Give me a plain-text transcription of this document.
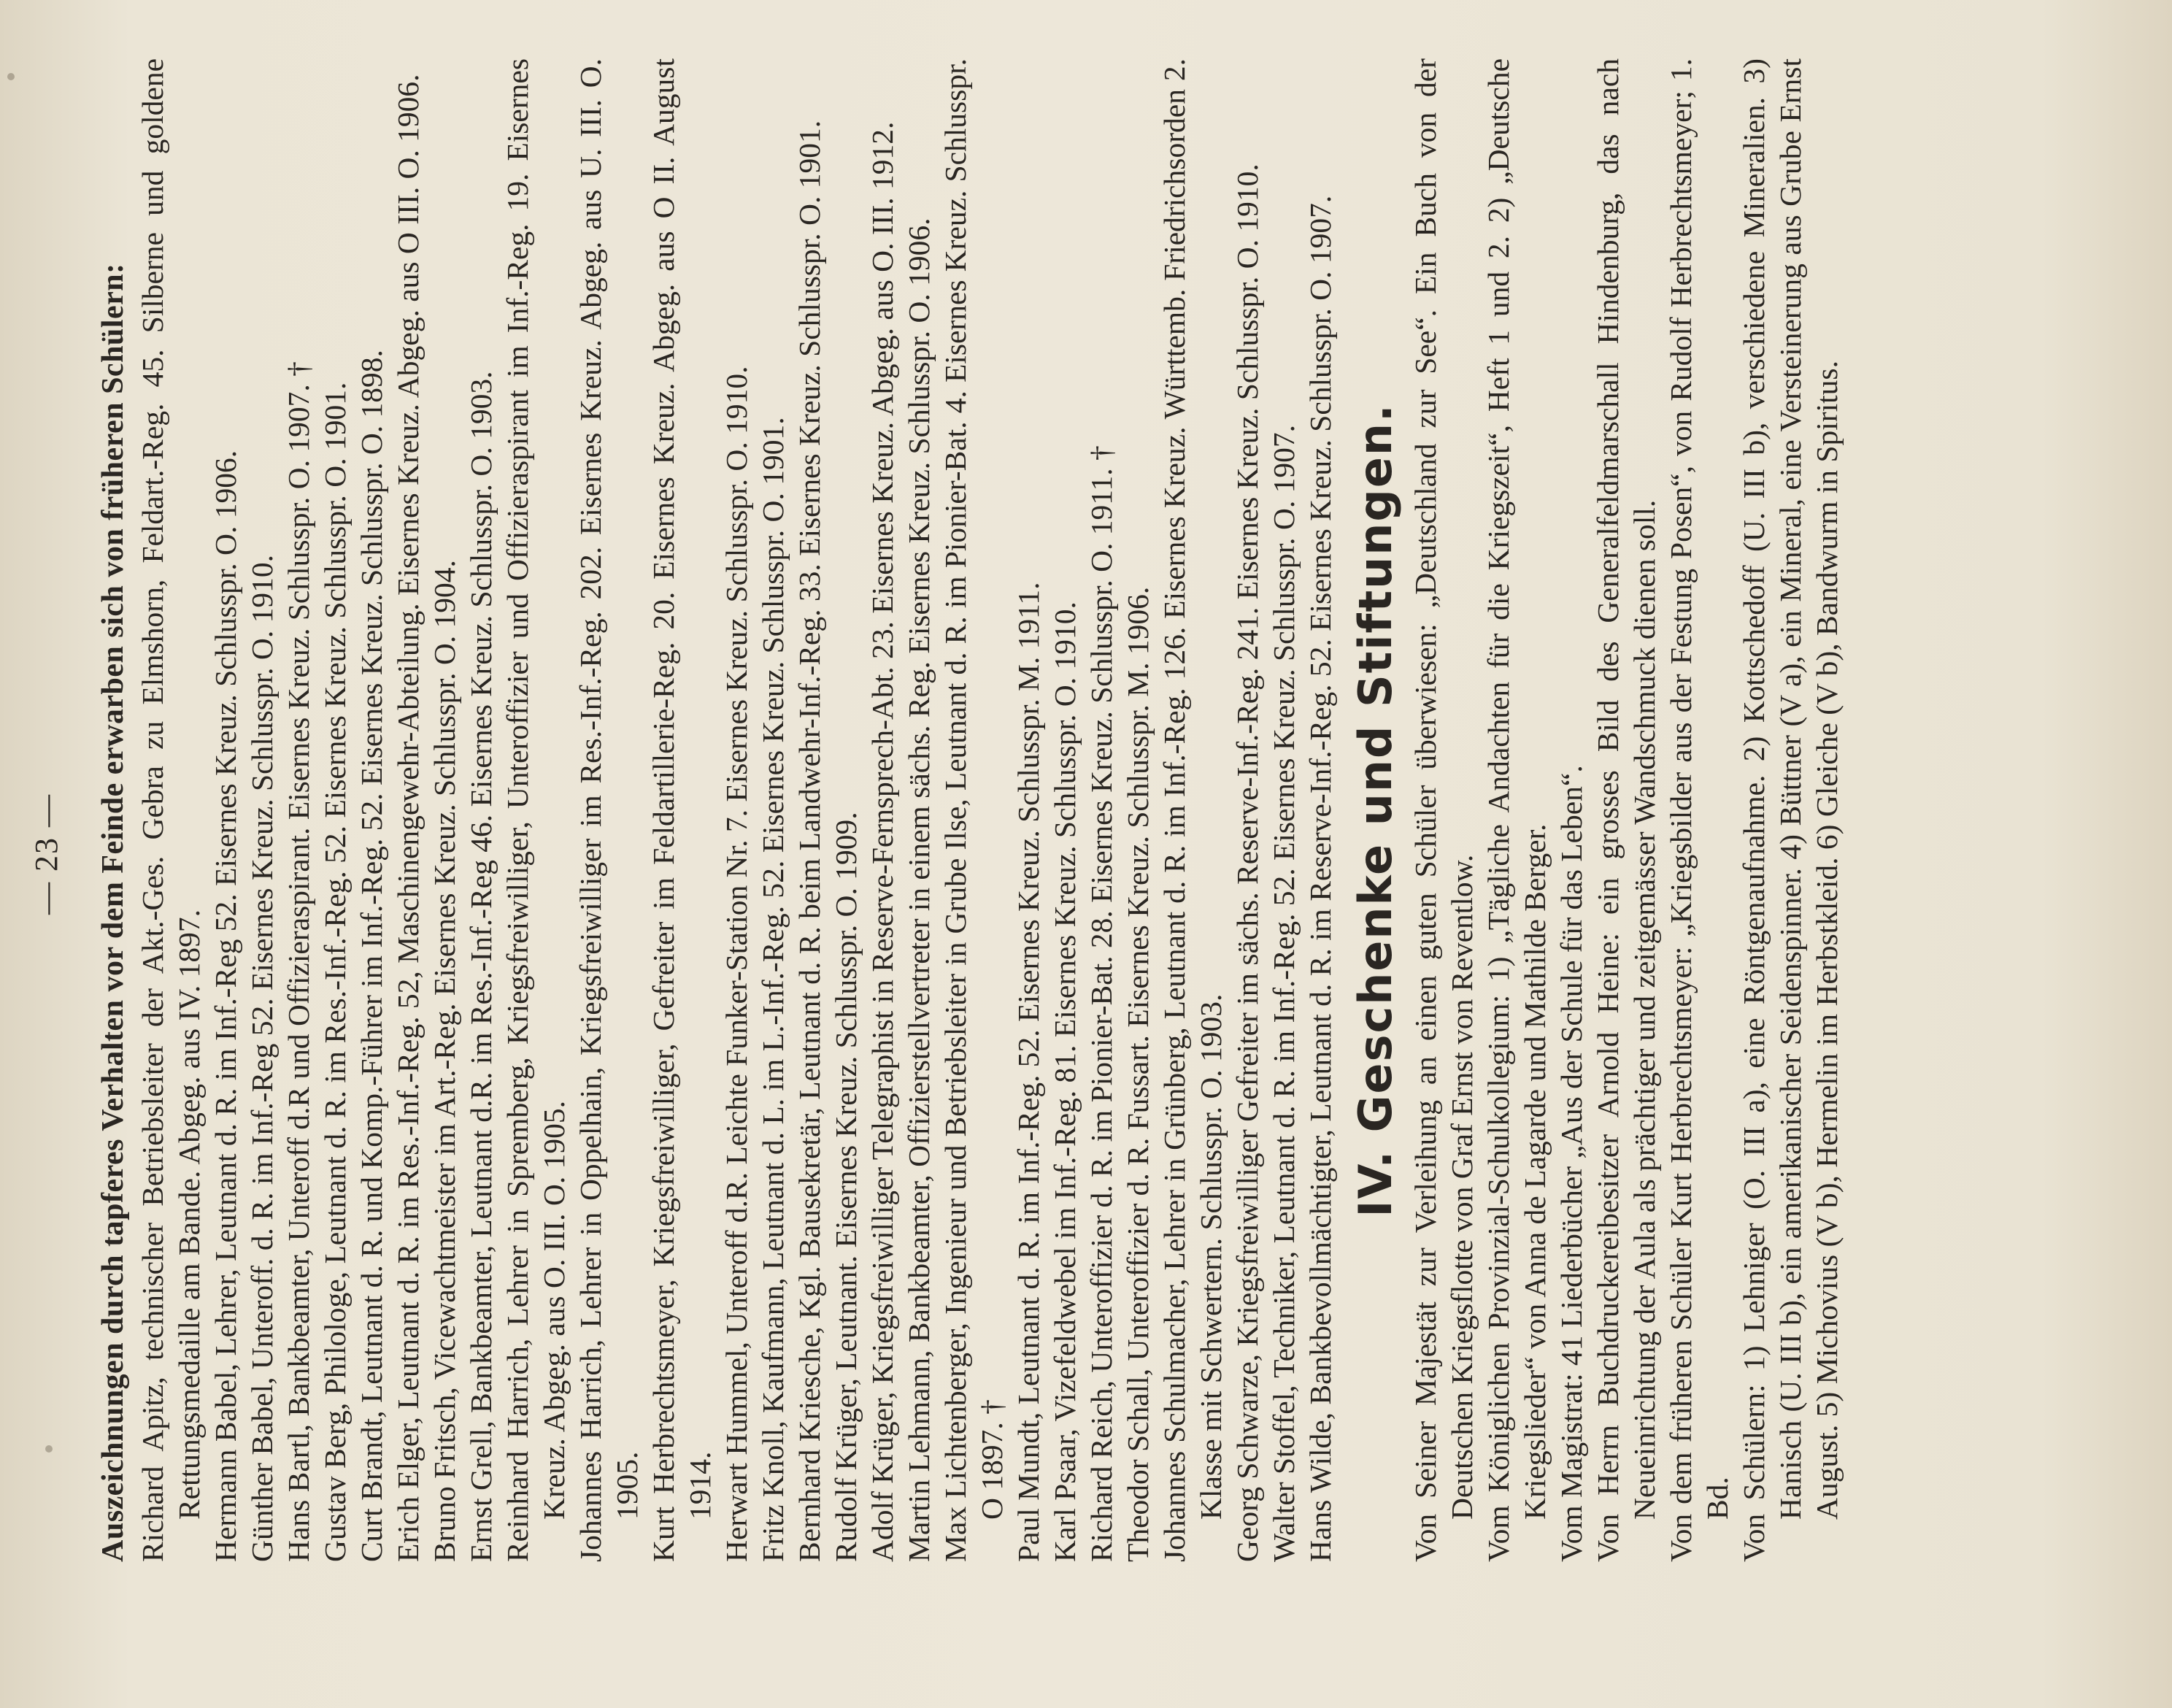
— 23 — Auszeichnungen durch tapferes Verhalten vor dem Feinde erwarben sich von früheren Schülern: Richard Apitz, technischer Betriebsleiter der Akt.-Ges. Gebra zu Elmshorn, Feldart.-Reg. 45. Silberne und goldene Rettungsmedaille am Bande. Abgeg. aus IV. 1897. Hermann Babel, Lehrer, Leutnant d. R. im Inf.-Reg 52. Eisernes Kreuz. Schlusspr. O. 1906. Günther Babel, Unteroff. d. R. im Inf.-Reg 52. Eisernes Kreuz. Schlusspr. O. 1910. Hans Bartl, Bankbeamter, Unteroff d.R und Offizieraspirant. Eisernes Kreuz. Schlusspr. O. 1907. † Gustav Berg, Philologe, Leutnant d. R. im Res.-Inf.-Reg. 52. Eisernes Kreuz. Schlusspr. O. 1901. Curt Brandt, Leutnant d. R. und Komp.-Führer im Inf.-Reg. 52. Eisernes Kreuz. Schlusspr. O. 1898. Erich Elger, Leutnant d. R. im Res.-Inf.-Reg. 52, Maschinengewehr-Abteilung. Eisernes Kreuz. Abgeg. aus O III. O. 1906. Bruno Fritsch, Vicewachtmeister im Art.-Reg. Eisernes Kreuz. Schlusspr. O. 1904. Ernst Grell, Bankbeamter, Leutnant d.R. im Res.-Inf.-Reg 46. Eisernes Kreuz. Schlusspr. O. 1903. Reinhard Harrich, Lehrer in Spremberg, Kriegsfreiwilliger, Unteroffizier und Offizieraspirant im Inf.-Reg. 19. Eisernes Kreuz. Abgeg. aus O. III. O. 1905. Johannes Harrich, Lehrer in Oppelhain, Kriegsfreiwilliger im Res.-Inf.-Reg. 202. Eisernes Kreuz. Abgeg. aus U. III. O. 1905. Kurt Herbrechtsmeyer, Kriegsfreiwilliger, Gefreiter im Feldartillerie-Reg. 20. Eisernes Kreuz. Abgeg. aus O II. August 1914. Herwart Hummel, Unteroff d.R. Leichte Funker-Station Nr. 7. Eisernes Kreuz. Schlusspr. O. 1910. Fritz Knoll, Kaufmann, Leutnant d. L. im L.-Inf.-Reg. 52. Eisernes Kreuz. Schlusspr. O. 1901. Bernhard Kriesche, Kgl. Bausekretär, Leutnant d. R. beim Landwehr-Inf.-Reg. 33. Eisernes Kreuz. Schlusspr. O. 1901. Rudolf Krüger, Leutnant. Eisernes Kreuz. Schlusspr. O. 1909. Adolf Krüger, Kriegsfreiwilliger Telegraphist in Reserve-Fernsprech-Abt. 23. Eisernes Kreuz. Abgeg. aus O. III. 1912. Martin Lehmann, Bankbeamter, Offizierstellvertreter in einem sächs. Reg. Eisernes Kreuz. Schlusspr. O. 1906. Max Lichtenberger, Ingenieur und Betriebsleiter in Grube Ilse, Leutnant d. R. im Pionier-Bat. 4. Eisernes Kreuz. Schlusspr. O 1897. † Paul Mundt, Leutnant d. R. im Inf.-Reg. 52. Eisernes Kreuz. Schlusspr. M. 1911. Karl Psaar, Vizefeldwebel im Inf.-Reg. 81. Eisernes Kreuz. Schlusspr. O. 1910. Richard Reich, Unteroffizier d. R. im Pionier-Bat. 28. Eisernes Kreuz. Schlusspr. O. 1911. † Theodor Schall, Unteroffizier d. R. Fussart. Eisernes Kreuz. Schlusspr. M. 1906. Johannes Schulmacher, Lehrer in Grünberg, Leutnant d. R. im Inf.-Reg. 126. Eisernes Kreuz. Württemb. Friedrichsorden 2. Klasse mit Schwertern. Schlusspr. O. 1903. Georg Schwarze, Kriegsfreiwilliger Gefreiter im sächs. Reserve-Inf.-Reg. 241. Eisernes Kreuz. Schlusspr. O. 1910. Walter Stoffel, Techniker, Leutnant d. R. im Inf.-Reg. 52. Eisernes Kreuz. Schlusspr. O. 1907. Hans Wilde, Bankbevollmächtigter, Leutnant d. R. im Reserve-Inf.-Reg. 52. Eisernes Kreuz. Schlusspr. O. 1907. IV. Geschenke und Stiftungen. Von Seiner Majestät zur Verleihung an einen guten Schüler überwiesen: „Deutschland zur See“. Ein Buch von der Deutschen Kriegsflotte von Graf Ernst von Reventlow. Vom Königlichen Provinzial-Schulkollegium: 1) „Tägliche Andachten für die Kriegszeit“, Heft 1 und 2. 2) „Deutsche Kriegslieder“ von Anna de Lagarde und Mathilde Berger. Vom Magistrat: 41 Liederbücher „Aus der Schule für das Leben“. Von Herrn Buchdruckereibesitzer Arnold Heine: ein grosses Bild des Generalfeldmarschall Hindenburg, das nach Neueinrichtung der Aula als prächtiger und zeitgemässer Wandschmuck dienen soll. Von dem früheren Schüler Kurt Herbrechtsmeyer: „Kriegsbilder aus der Festung Posen“, von Rudolf Herbrechtsmeyer; 1. Bd. Von Schülern: 1) Lehniger (O. III a), eine Röntgenaufnahme. 2) Kottschedoff (U. III b), verschiedene Mineralien. 3) Hanisch (U. III b), ein amerikanischer Seidenspinner. 4) Büttner (V a), ein Mineral, eine Versteinerung aus Grube Ernst August. 5) Michovius (V b), Hermelin im Herbstkleid. 6) Gleiche (V b), Bandwurm in Spiritus.
